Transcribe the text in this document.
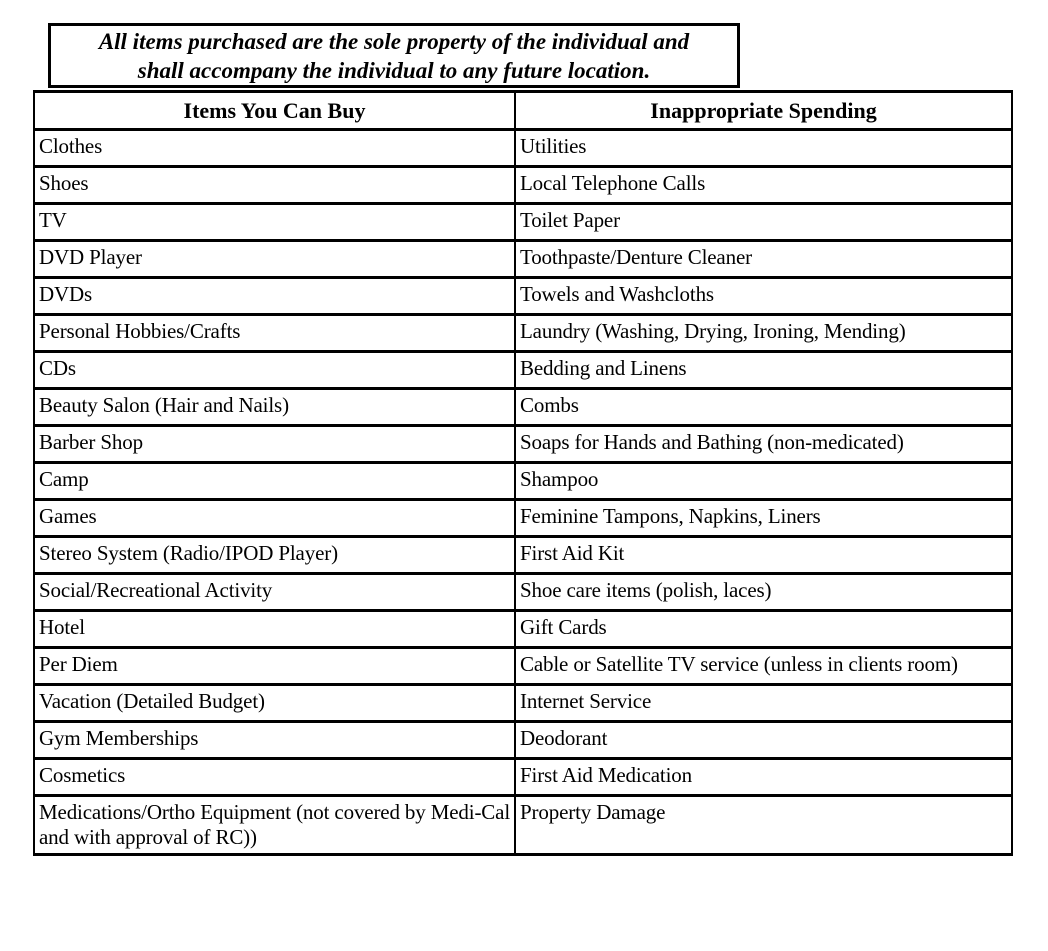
All items purchased are the sole property of the individual and
shall accompany the individual to any future location.
Items You Can Buy	Inappropriate Spending
Clothes	Utilities
Shoes	Local Telephone Calls
TV	Toilet Paper
DVD Player	Toothpaste/Denture Cleaner
DVDs	Towels and Washcloths
Personal Hobbies/Crafts	Laundry (Washing, Drying, Ironing, Mending)
CDs	Bedding and Linens
Beauty Salon (Hair and Nails)	Combs
Barber Shop	Soaps for Hands and Bathing (non-medicated)
Camp	Shampoo
Games	Feminine Tampons, Napkins, Liners
Stereo System (Radio/IPOD Player)	First Aid Kit
Social/Recreational Activity	Shoe care items (polish, laces)
Hotel	Gift Cards
Per Diem	Cable or Satellite TV service (unless in clients room)
Vacation (Detailed Budget)	Internet Service
Gym Memberships	Deodorant
Cosmetics	First Aid Medication
Medications/Ortho Equipment (not covered by Medi-Cal and with approval of RC))	Property Damage
